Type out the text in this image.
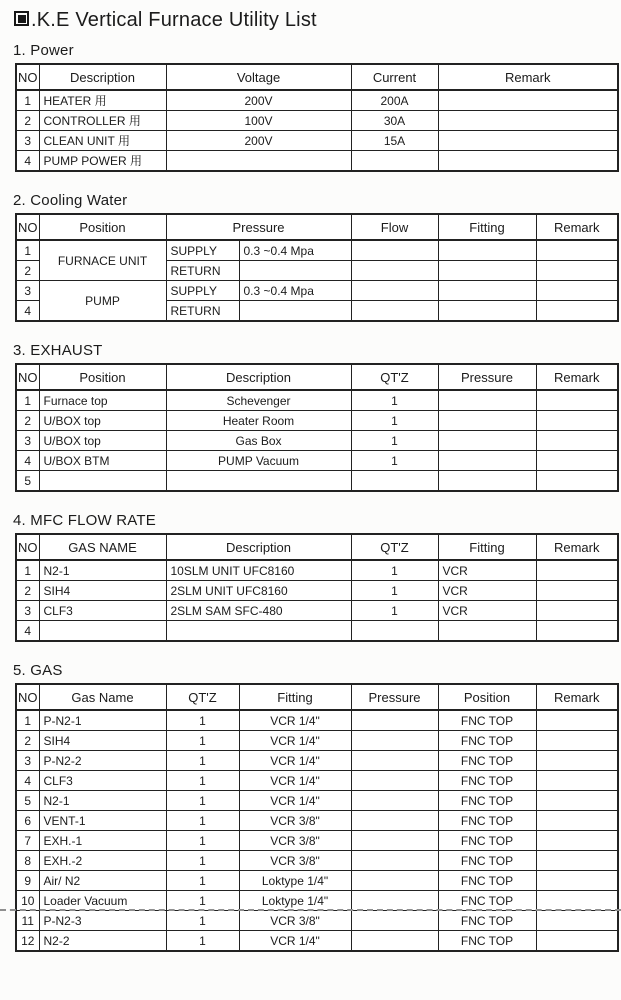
.K.E Vertical Furnace Utility List
1. Power
NO	Description	Voltage	Current	Remark
1	HEATER 用	200V	200A	
2	CONTROLLER 用	100V	30A	
3	CLEAN UNIT 用	200V	15A	
4	PUMP POWER 用			
2. Cooling Water
NO	Position	Pressure		Flow	Fitting	Remark
1	FURNACE UNIT	SUPPLY	0.3 ~0.4 Mpa			
2		RETURN				
3	PUMP	SUPPLY	0.3 ~0.4 Mpa			
4		RETURN				
3. EXHAUST
NO	Position	Description	QT'Z	Pressure	Remark
1	Furnace top	Schevenger	1		
2	U/BOX top	Heater Room	1		
3	U/BOX top	Gas Box	1		
4	U/BOX BTM	PUMP Vacuum	1		
5					
4. MFC FLOW RATE
NO	GAS NAME	Description	QT'Z	Fitting	Remark
1	N2-1	10SLM UNIT UFC8160	1	VCR	
2	SIH4	2SLM UNIT UFC8160	1	VCR	
3	CLF3	2SLM SAM SFC-480	1	VCR	
4					
5. GAS
NO	Gas Name	QT'Z	Fitting	Pressure	Position	Remark
1	P-N2-1	1	VCR 1/4"		FNC TOP	
2	SIH4	1	VCR 1/4"		FNC TOP	
3	P-N2-2	1	VCR 1/4"		FNC TOP	
4	CLF3	1	VCR 1/4"		FNC TOP	
5	N2-1	1	VCR 1/4"		FNC TOP	
6	VENT-1	1	VCR 3/8"		FNC TOP	
7	EXH.-1	1	VCR 3/8"		FNC TOP	
8	EXH.-2	1	VCR 3/8"		FNC TOP	
9	Air/ N2	1	Loktype 1/4"		FNC TOP	
10	Loader Vacuum	1	Loktype 1/4"		FNC TOP	
11	P-N2-3	1	VCR 3/8"		FNC TOP	
12	N2-2	1	VCR 1/4"		FNC TOP	
